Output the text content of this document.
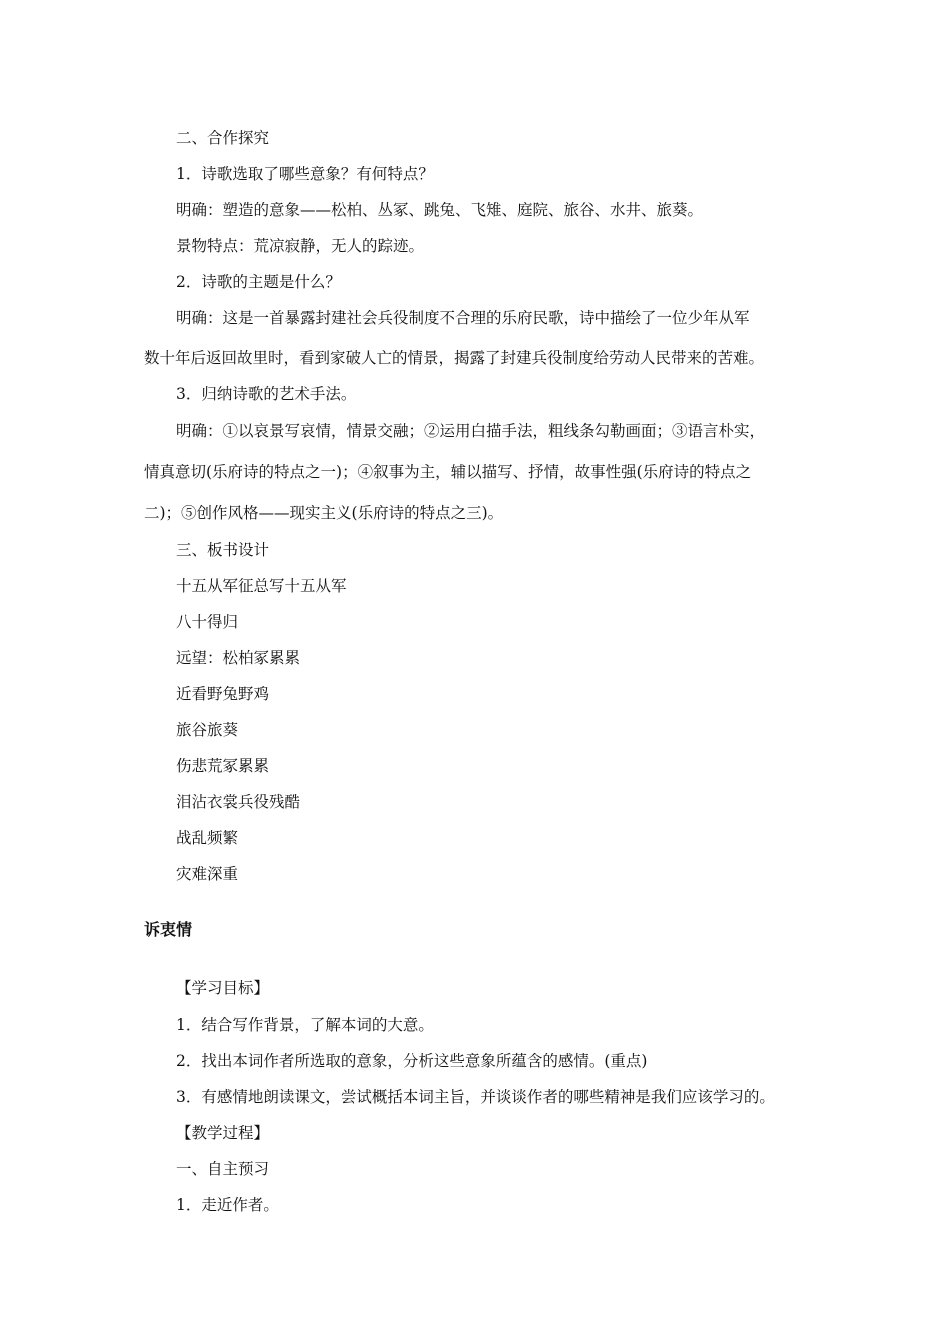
二、合作探究
1．诗歌选取了哪些意象？有何特点？
明确：塑造的意象——松柏、丛冢、跳兔、飞雉、庭院、旅谷、水井、旅葵。
景物特点：荒凉寂静，无人的踪迹。
2．诗歌的主题是什么？
明确：这是一首暴露封建社会兵役制度不合理的乐府民歌，诗中描绘了一位少年从军
数十年后返回故里时，看到家破人亡的情景，揭露了封建兵役制度给劳动人民带来的苦难。
3．归纳诗歌的艺术手法。
明确：①以哀景写哀情，情景交融；②运用白描手法，粗线条勾勒画面；③语言朴实，
情真意切(乐府诗的特点之一)；④叙事为主，辅以描写、抒情，故事性强(乐府诗的特点之
二)；⑤创作风格——现实主义(乐府诗的特点之三)。
三、板书设计
十五从军征总写十五从军
八十得归
远望：松柏冢累累
近看野兔野鸡
旅谷旅葵
伤悲荒冢累累
泪沾衣裳兵役残酷
战乱频繁
灾难深重
诉衷情
【学习目标】
1．结合写作背景，了解本词的大意。
2．找出本词作者所选取的意象，分析这些意象所蕴含的感情。(重点)
3．有感情地朗读课文，尝试概括本词主旨，并谈谈作者的哪些精神是我们应该学习的。
【教学过程】
一、自主预习
1．走近作者。
